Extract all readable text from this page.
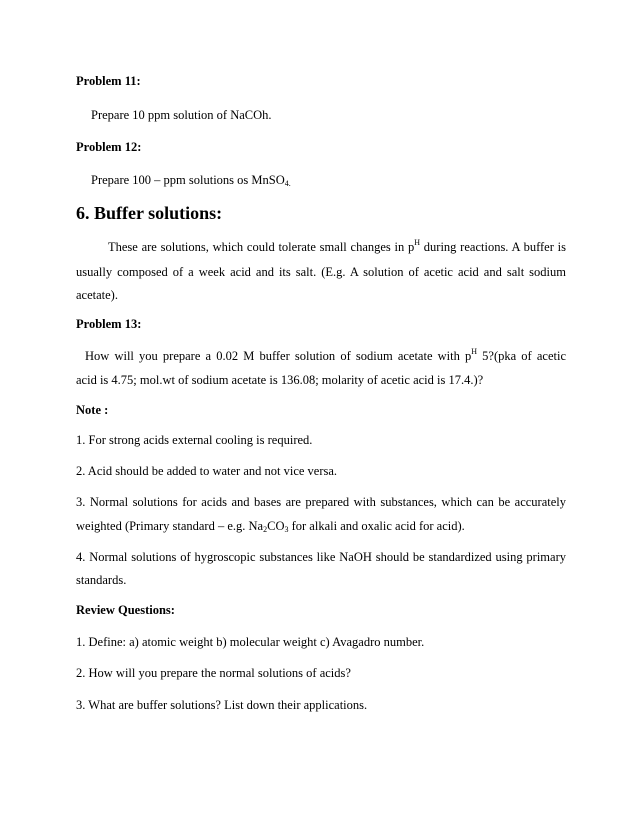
Problem 11:
Prepare 10 ppm solution of NaCOh.
Problem 12:
Prepare 100 – ppm solutions os MnSO$_{4.}$
6. Buffer solutions:
These are solutions, which could tolerate small changes in $p^H$ during reactions. A buffer is
usually composed of a week acid and its salt. (E.g. A solution of acetic acid and salt sodium
acetate).
Problem 13:
How will you prepare a 0.02 M buffer solution of sodium acetate with $p^H$ 5?(pka of acetic
acid is 4.75; mol.wt of sodium acetate is 136.08; molarity of acetic acid is 17.4.)?
Note :
1. For strong acids external cooling is required.
2. Acid should be added to water and not vice versa.
3. Normal solutions for acids and bases are prepared with substances, which can be accurately
weighted (Primary standard – e.g. $Na_2CO_3$ for alkali and oxalic acid for acid).
4. Normal solutions of hygroscopic substances like NaOH should be standardized using primary
standards.
Review Questions:
1. Define: a) atomic weight b) molecular weight c) Avagadro number.
2. How will you prepare the normal solutions of acids?
3. What are buffer solutions? List down their applications.
